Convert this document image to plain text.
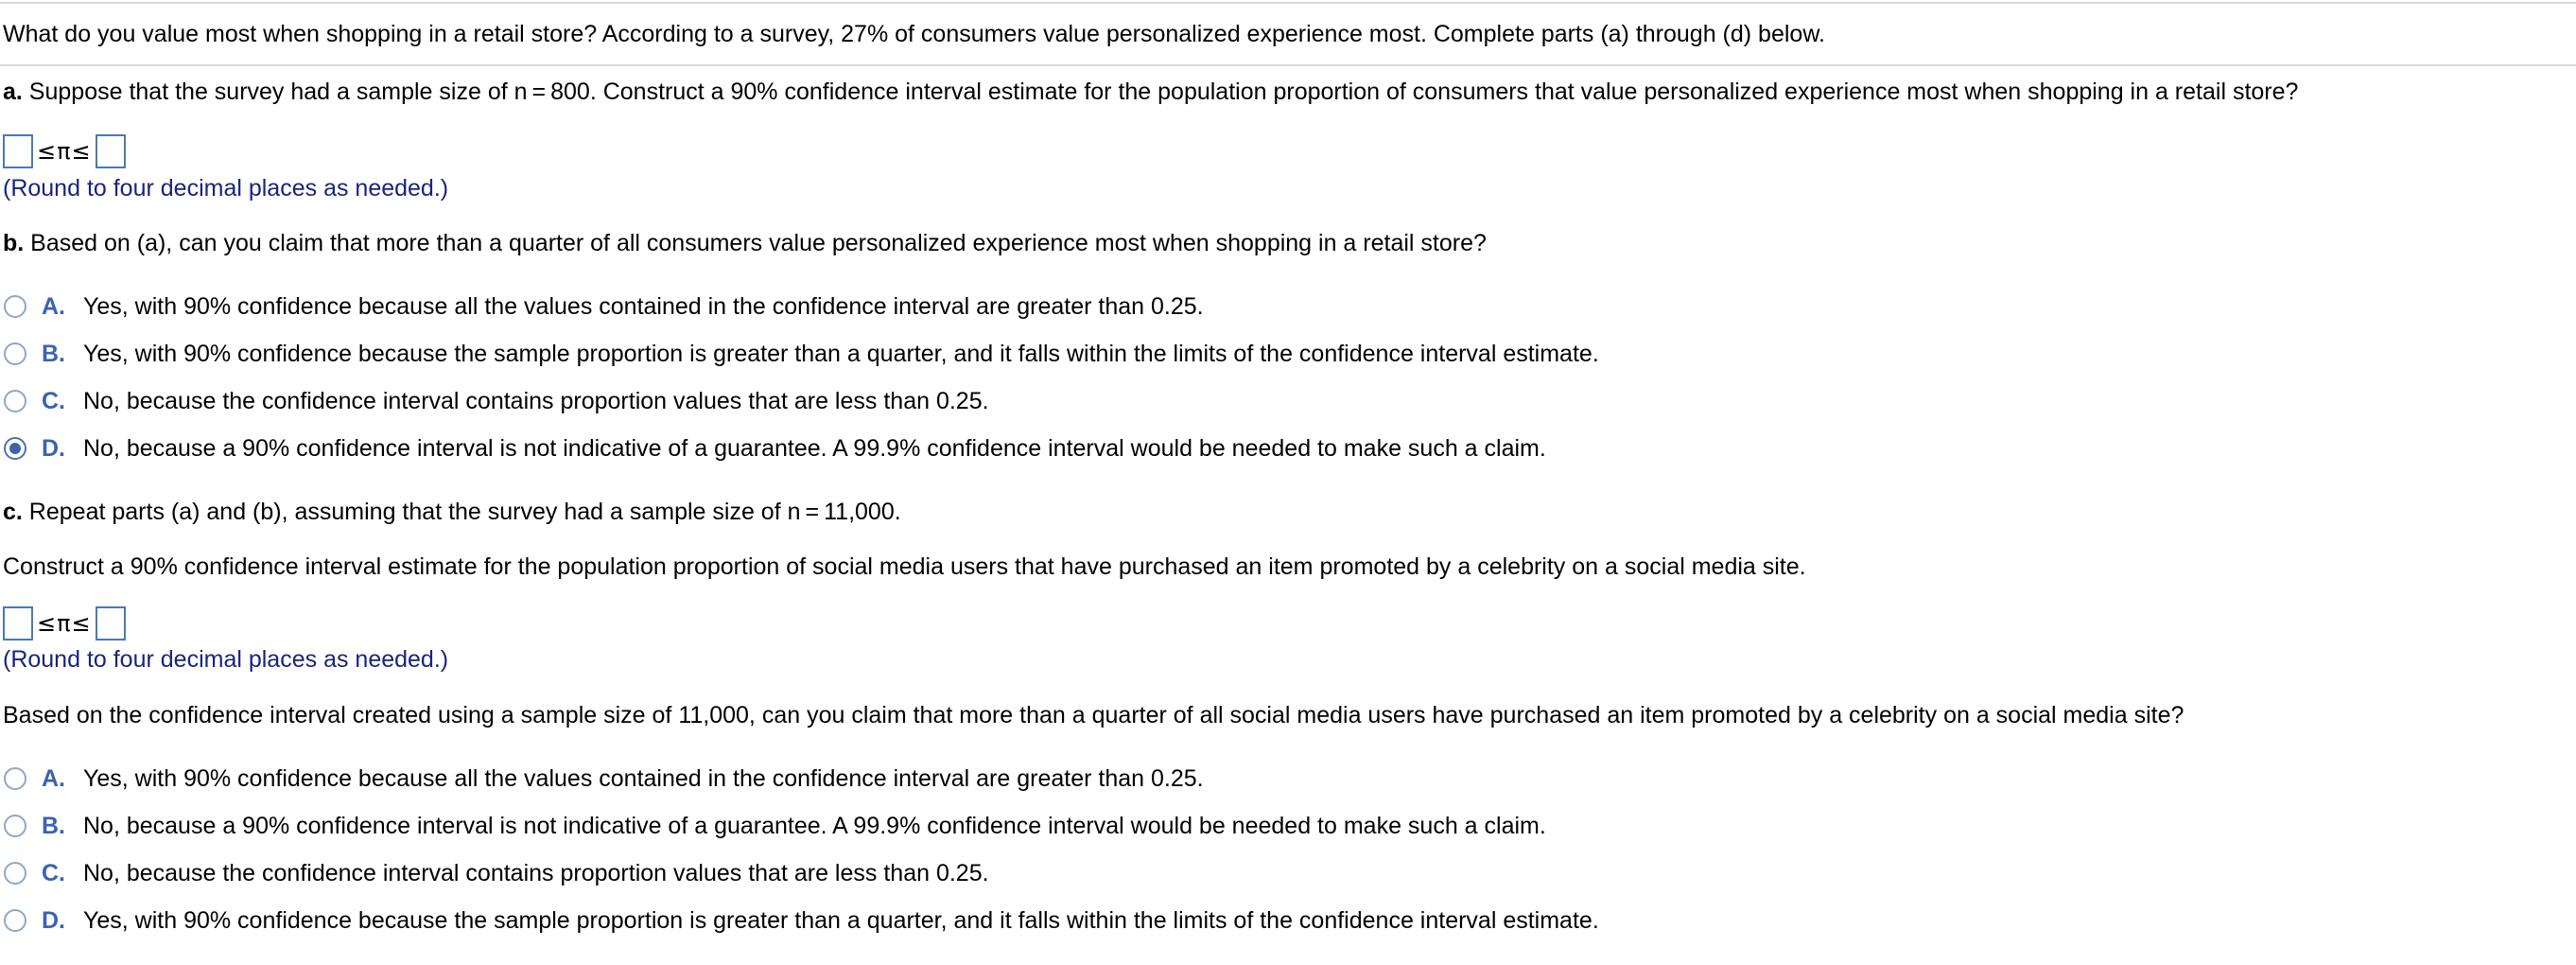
What do you value most when shopping in a retail store? According to a survey, 27% of consumers value personalized experience most. Complete parts (a) through (d) below.
a. Suppose that the survey had a sample size of n = 800. Construct a 90% confidence interval estimate for the population proportion of consumers that value personalized experience most when shopping in a retail store?
≤π≤
(Round to four decimal places as needed.)
b. Based on (a), can you claim that more than a quarter of all consumers value personalized experience most when shopping in a retail store?
A. Yes, with 90% confidence because all the values contained in the confidence interval are greater than 0.25.
B. Yes, with 90% confidence because the sample proportion is greater than a quarter, and it falls within the limits of the confidence interval estimate.
C. No, because the confidence interval contains proportion values that are less than 0.25.
D. No, because a 90% confidence interval is not indicative of a guarantee. A 99.9% confidence interval would be needed to make such a claim.
c. Repeat parts (a) and (b), assuming that the survey had a sample size of n = 11,000.
Construct a 90% confidence interval estimate for the population proportion of social media users that have purchased an item promoted by a celebrity on a social media site.
≤π≤
(Round to four decimal places as needed.)
Based on the confidence interval created using a sample size of 11,000, can you claim that more than a quarter of all social media users have purchased an item promoted by a celebrity on a social media site?
A. Yes, with 90% confidence because all the values contained in the confidence interval are greater than 0.25.
B. No, because a 90% confidence interval is not indicative of a guarantee. A 99.9% confidence interval would be needed to make such a claim.
C. No, because the confidence interval contains proportion values that are less than 0.25.
D. Yes, with 90% confidence because the sample proportion is greater than a quarter, and it falls within the limits of the confidence interval estimate.
